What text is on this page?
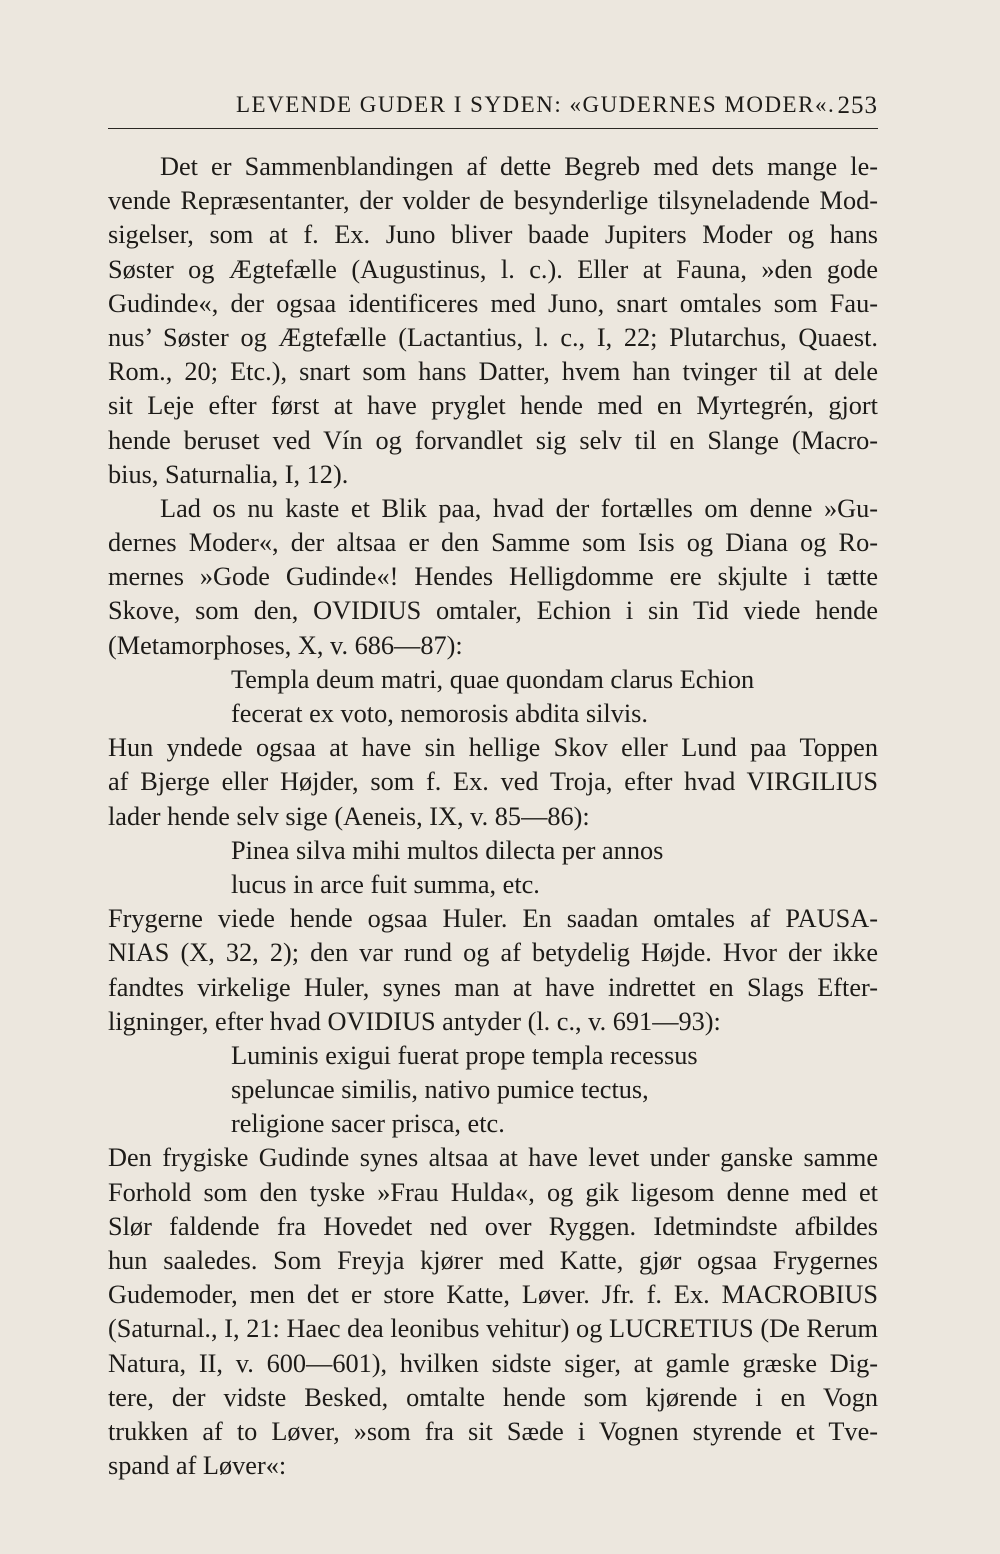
LEVENDE GUDER I SYDEN: «GUDERNES MODER«. 253
Det er Sammenblandingen af dette Begreb med dets mange le-
vende Repræsentanter, der volder de besynderlige tilsyneladende Mod-
sigelser, som at f. Ex. Juno bliver baade Jupiters Moder og hans
Søster og Ægtefælle (Augustinus, l. c.). Eller at Fauna, »den gode
Gudinde«, der ogsaa identificeres med Juno, snart omtales som Fau-
nus’ Søster og Ægtefælle (Lactantius, l. c., I, 22; Plutarchus, Quaest.
Rom., 20; Etc.), snart som hans Datter, hvem han tvinger til at dele
sit Leje efter først at have pryglet hende med en Myrtegrén, gjort
hende beruset ved Vín og forvandlet sig selv til en Slange (Macro-
bius, Saturnalia, I, 12).
Lad os nu kaste et Blik paa, hvad der fortælles om denne »Gu-
dernes Moder«, der altsaa er den Samme som Isis og Diana og Ro-
mernes »Gode Gudinde«! Hendes Helligdomme ere skjulte i tætte
Skove, som den, OVIDIUS omtaler, Echion i sin Tid viede hende
(Metamorphoses, X, v. 686—87):
Templa deum matri, quae quondam clarus Echion
fecerat ex voto, nemorosis abdita silvis.
Hun yndede ogsaa at have sin hellige Skov eller Lund paa Toppen
af Bjerge eller Højder, som f. Ex. ved Troja, efter hvad VIRGILIUS
lader hende selv sige (Aeneis, IX, v. 85—86):
Pinea silva mihi multos dilecta per annos
lucus in arce fuit summa, etc.
Frygerne viede hende ogsaa Huler. En saadan omtales af PAUSA-
NIAS (X, 32, 2); den var rund og af betydelig Højde. Hvor der ikke
fandtes virkelige Huler, synes man at have indrettet en Slags Efter-
ligninger, efter hvad OVIDIUS antyder (l. c., v. 691—93):
Luminis exigui fuerat prope templa recessus
speluncae similis, nativo pumice tectus,
religione sacer prisca, etc.
Den frygiske Gudinde synes altsaa at have levet under ganske samme
Forhold som den tyske »Frau Hulda«, og gik ligesom denne med et
Slør faldende fra Hovedet ned over Ryggen. Idetmindste afbildes
hun saaledes. Som Freyja kjører med Katte, gjør ogsaa Frygernes
Gudemoder, men det er store Katte, Løver. Jfr. f. Ex. MACROBIUS
(Saturnal., I, 21: Haec dea leonibus vehitur) og LUCRETIUS (De Rerum
Natura, II, v. 600—601), hvilken sidste siger, at gamle græske Dig-
tere, der vidste Besked, omtalte hende som kjørende i en Vogn
trukken af to Løver, »som fra sit Sæde i Vognen styrende et Tve-
spand af Løver«:
